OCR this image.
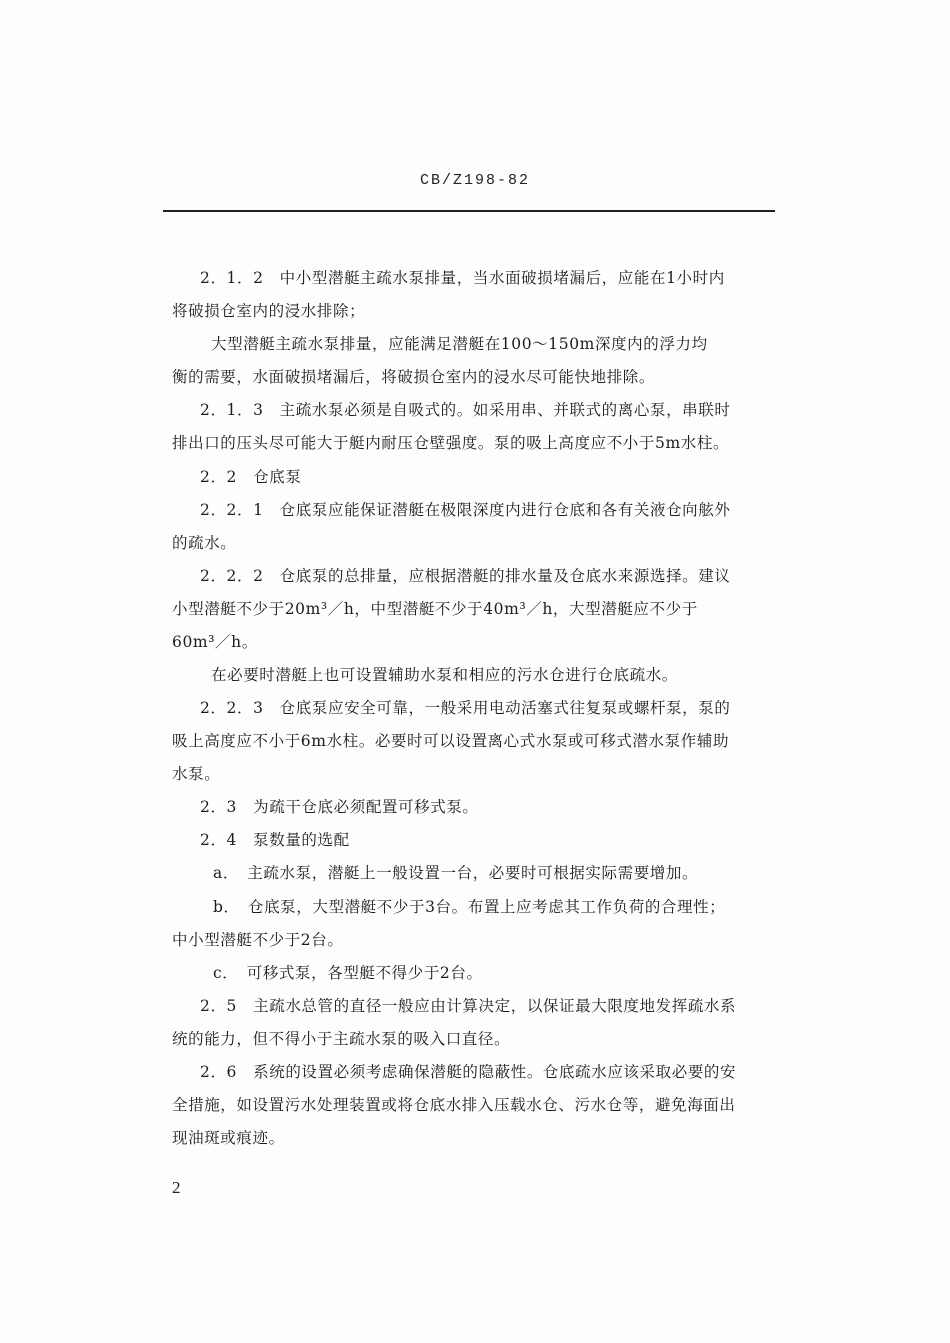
CB/Z198-82
2．1．2　中小型潜艇主疏水泵排量，当水面破损堵漏后，应能在1小时内
将破损仓室内的浸水排除；
大型潜艇主疏水泵排量，应能满足潜艇在100～150m深度内的浮力均
衡的需要，水面破损堵漏后，将破损仓室内的浸水尽可能快地排除。
2．1．3　主疏水泵必须是自吸式的。如采用串、并联式的离心泵，串联时
排出口的压头尽可能大于艇内耐压仓壁强度。泵的吸上高度应不小于5m水柱。
2．2　仓底泵
2．2．1　仓底泵应能保证潜艇在极限深度内进行仓底和各有关液仓向舷外
的疏水。
2．2．2　仓底泵的总排量，应根据潜艇的排水量及仓底水来源选择。建议
小型潜艇不少于20m³／h，中型潜艇不少于40m³／h，大型潜艇应不少于
60m³／h。
在必要时潜艇上也可设置辅助水泵和相应的污水仓进行仓底疏水。
2．2．3　仓底泵应安全可靠，一般采用电动活塞式往复泵或螺杆泵，泵的
吸上高度应不小于6m水柱。必要时可以设置离心式水泵或可移式潜水泵作辅助
水泵。
2．3　为疏干仓底必须配置可移式泵。
2．4　泵数量的选配
a．　主疏水泵，潜艇上一般设置一台，必要时可根据实际需要增加。
b．　仓底泵，大型潜艇不少于3台。布置上应考虑其工作负荷的合理性；
中小型潜艇不少于2台。
c．　可移式泵，各型艇不得少于2台。
2．5　主疏水总管的直径一般应由计算决定，以保证最大限度地发挥疏水系
统的能力，但不得小于主疏水泵的吸入口直径。
2．6　系统的设置必须考虑确保潜艇的隐蔽性。仓底疏水应该采取必要的安
全措施，如设置污水处理装置或将仓底水排入压载水仓、污水仓等，避免海面出
现油斑或痕迹。
2
